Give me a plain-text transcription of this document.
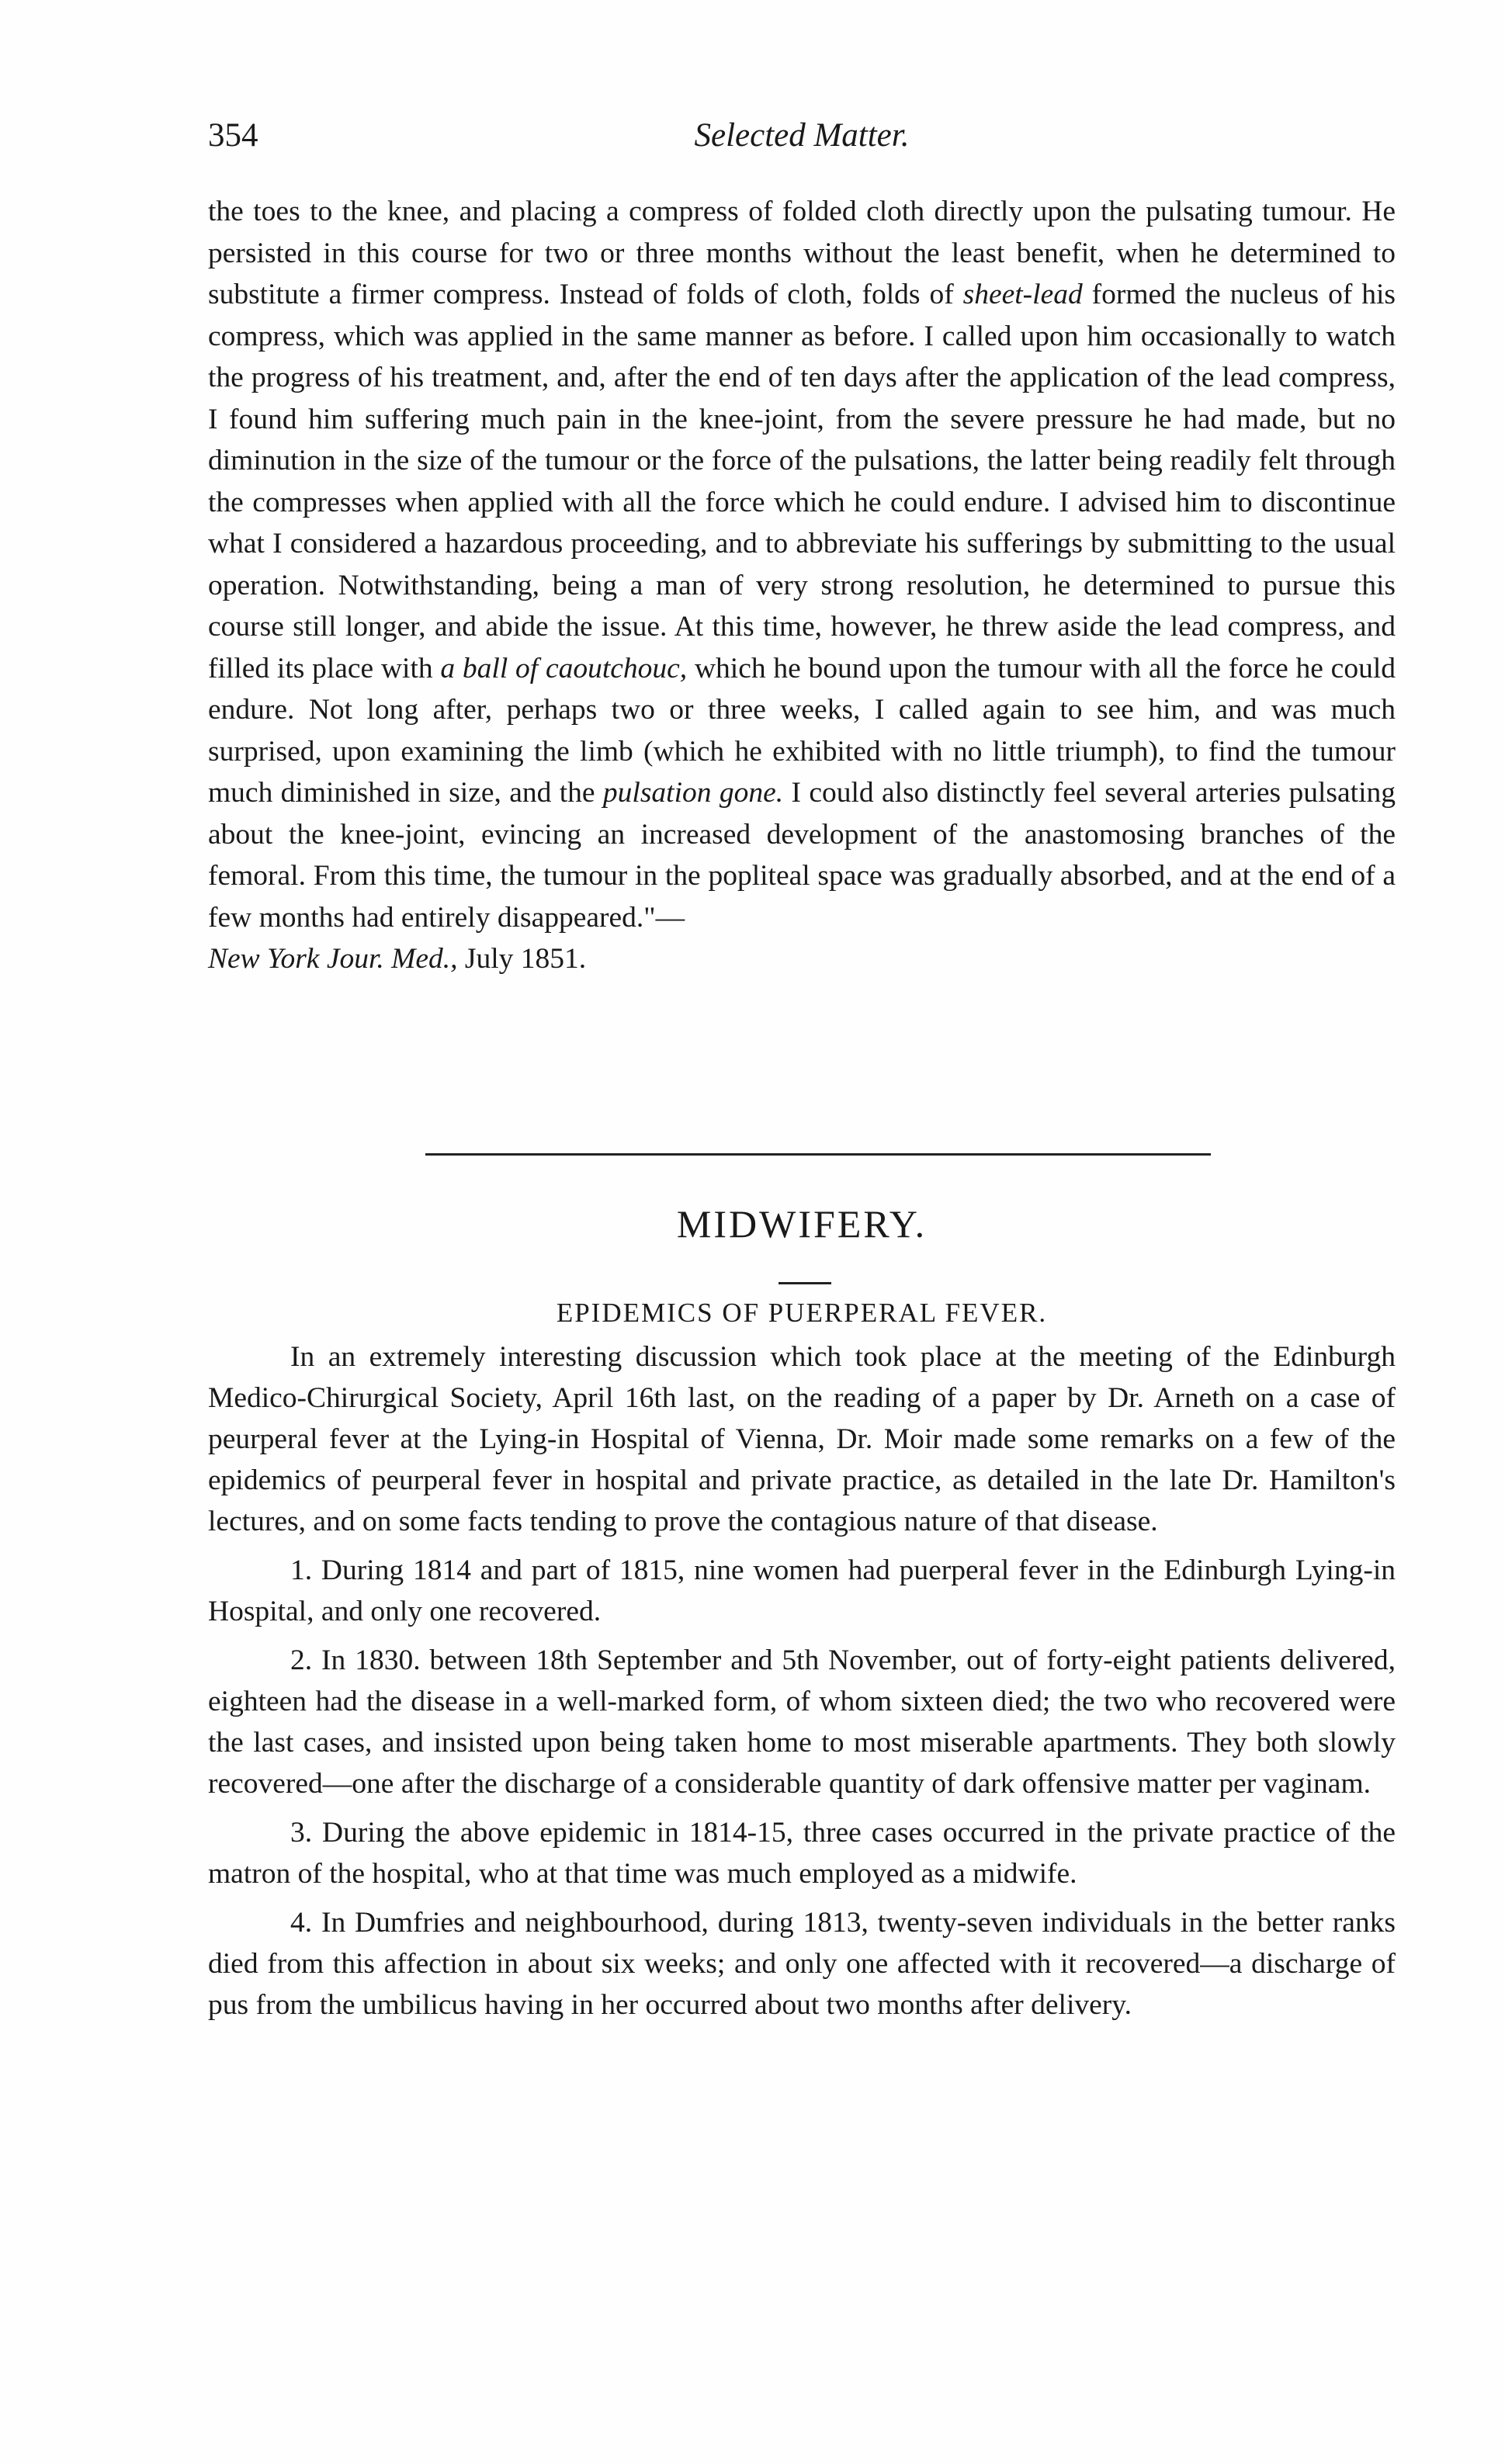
354	Selected Matter.

the toes to the knee, and placing a compress of folded cloth directly upon the pulsating tumour. He persisted in this course for two or three months without the least benefit, when he determined to substitute a firmer compress. Instead of folds of cloth, folds of sheet-lead formed the nucleus of his compress, which was applied in the same manner as before. I called upon him occasionally to watch the progress of his treatment, and, after the end of ten days after the application of the lead compress, I found him suffering much pain in the knee-joint, from the severe pressure he had made, but no diminution in the size of the tumour or the force of the pulsations, the latter being readily felt through the compresses when applied with all the force which he could endure. I advised him to discontinue what I considered a hazardous proceeding, and to abbreviate his sufferings by submitting to the usual operation. Notwithstanding, being a man of very strong resolution, he determined to pursue this course still longer, and abide the issue. At this time, however, he threw aside the lead compress, and filled its place with a ball of caoutchouc, which he bound upon the tumour with all the force he could endure. Not long after, perhaps two or three weeks, I called again to see him, and was much surprised, upon examining the limb (which he exhibited with no little triumph), to find the tumour much diminished in size, and the pulsation gone. I could also distinctly feel several arteries pulsating about the knee-joint, evincing an increased development of the anastomosing branches of the femoral. From this time, the tumour in the popliteal space was gradually absorbed, and at the end of a few months had entirely disappeared."—
New York Jour. Med., July 1851.

MIDWIFERY.
EPIDEMICS OF PUERPERAL FEVER.

In an extremely interesting discussion which took place at the meeting of the Edinburgh Medico-Chirurgical Society, April 16th last, on the reading of a paper by Dr. Arneth on a case of peurperal fever at the Lying-in Hospital of Vienna, Dr. Moir made some remarks on a few of the epidemics of peurperal fever in hospital and private practice, as detailed in the late Dr. Hamilton's lectures, and on some facts tending to prove the contagious nature of that disease.

1. During 1814 and part of 1815, nine women had puerperal fever in the Edinburgh Lying-in Hospital, and only one recovered.

2. In 1830. between 18th September and 5th November, out of forty-eight patients delivered, eighteen had the disease in a well-marked form, of whom sixteen died; the two who recovered were the last cases, and insisted upon being taken home to most miserable apartments. They both slowly recovered—one after the discharge of a considerable quantity of dark offensive matter per vaginam.

3. During the above epidemic in 1814-15, three cases occurred in the private practice of the matron of the hospital, who at that time was much employed as a midwife.

4. In Dumfries and neighbourhood, during 1813, twenty-seven individuals in the better ranks died from this affection in about six weeks; and only one affected with it recovered—a discharge of pus from the umbilicus having in her occurred about two months after delivery.
